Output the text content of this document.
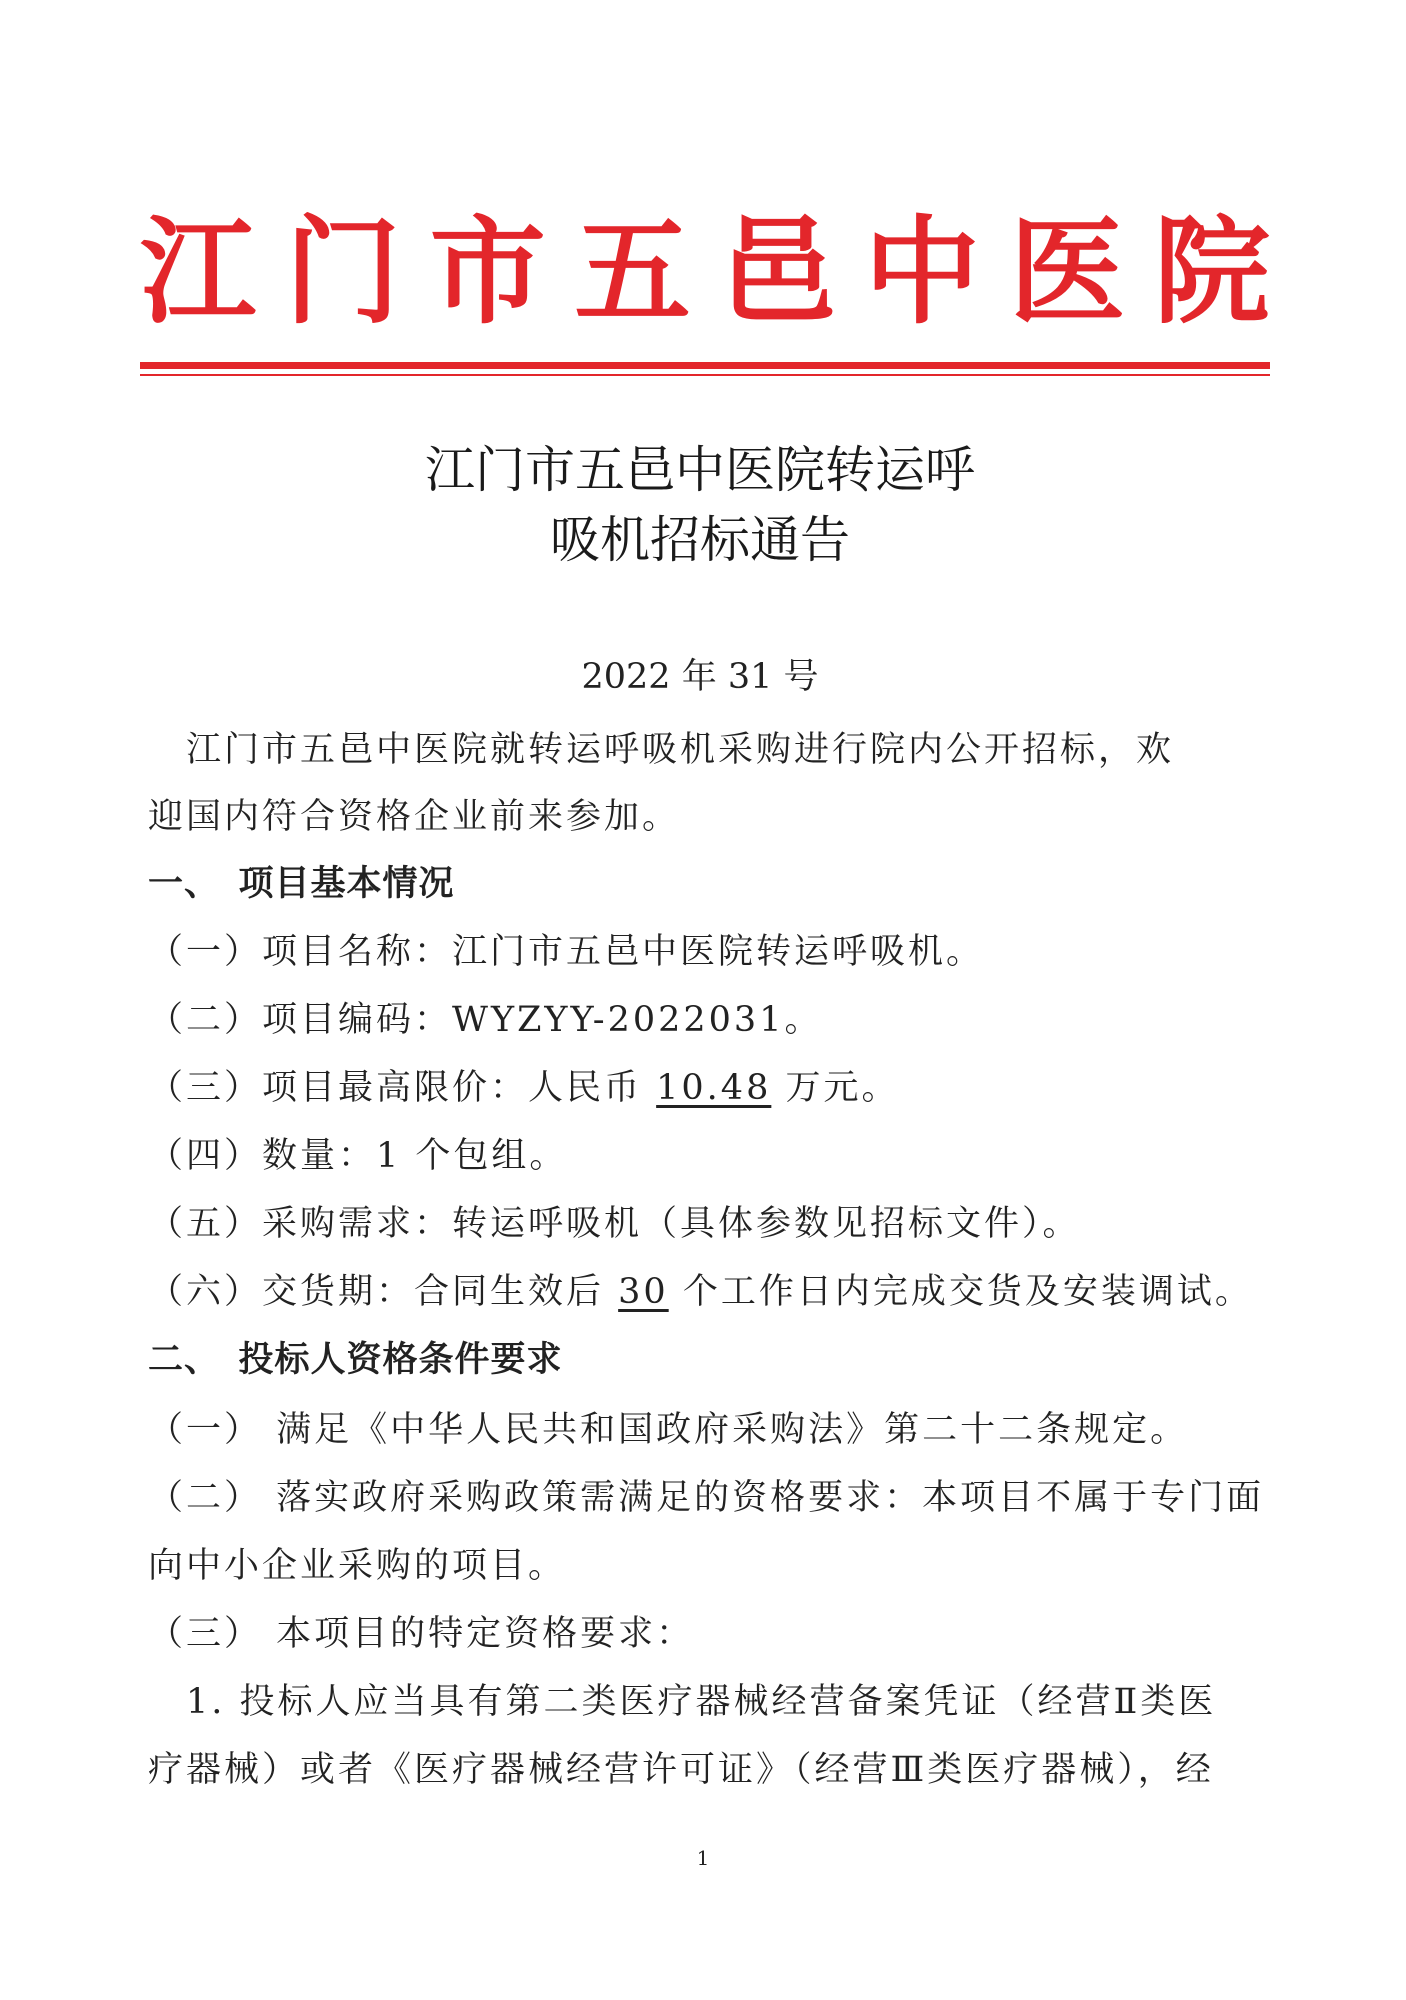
江 门 市 五 邑 中 医 院
江门市五邑中医院转运呼
吸机招标通告
2022 年 31 号
　江门市五邑中医院就转运呼吸机采购进行院内公开招标，欢
迎国内符合资格企业前来参加。
一、　项目基本情况
（一）项目名称：江门市五邑中医院转运呼吸机。
（二）项目编码：WYZYY-2022031。
（三）项目最高限价：人民币 10.48 万元。
（四）数量：1 个包组。
（五）采购需求：转运呼吸机（具体参数见招标文件）。
（六）交货期：合同生效后 30 个工作日内完成交货及安装调试。
二、　投标人资格条件要求
（一） 满足《中华人民共和国政府采购法》第二十二条规定。
（二） 落实政府采购政策需满足的资格要求：本项目不属于专门面
向中小企业采购的项目。
（三） 本项目的特定资格要求：
　1. 投标人应当具有第二类医疗器械经营备案凭证（经营Ⅱ类医
疗器械）或者《医疗器械经营许可证》（经营Ⅲ类医疗器械），经
1
